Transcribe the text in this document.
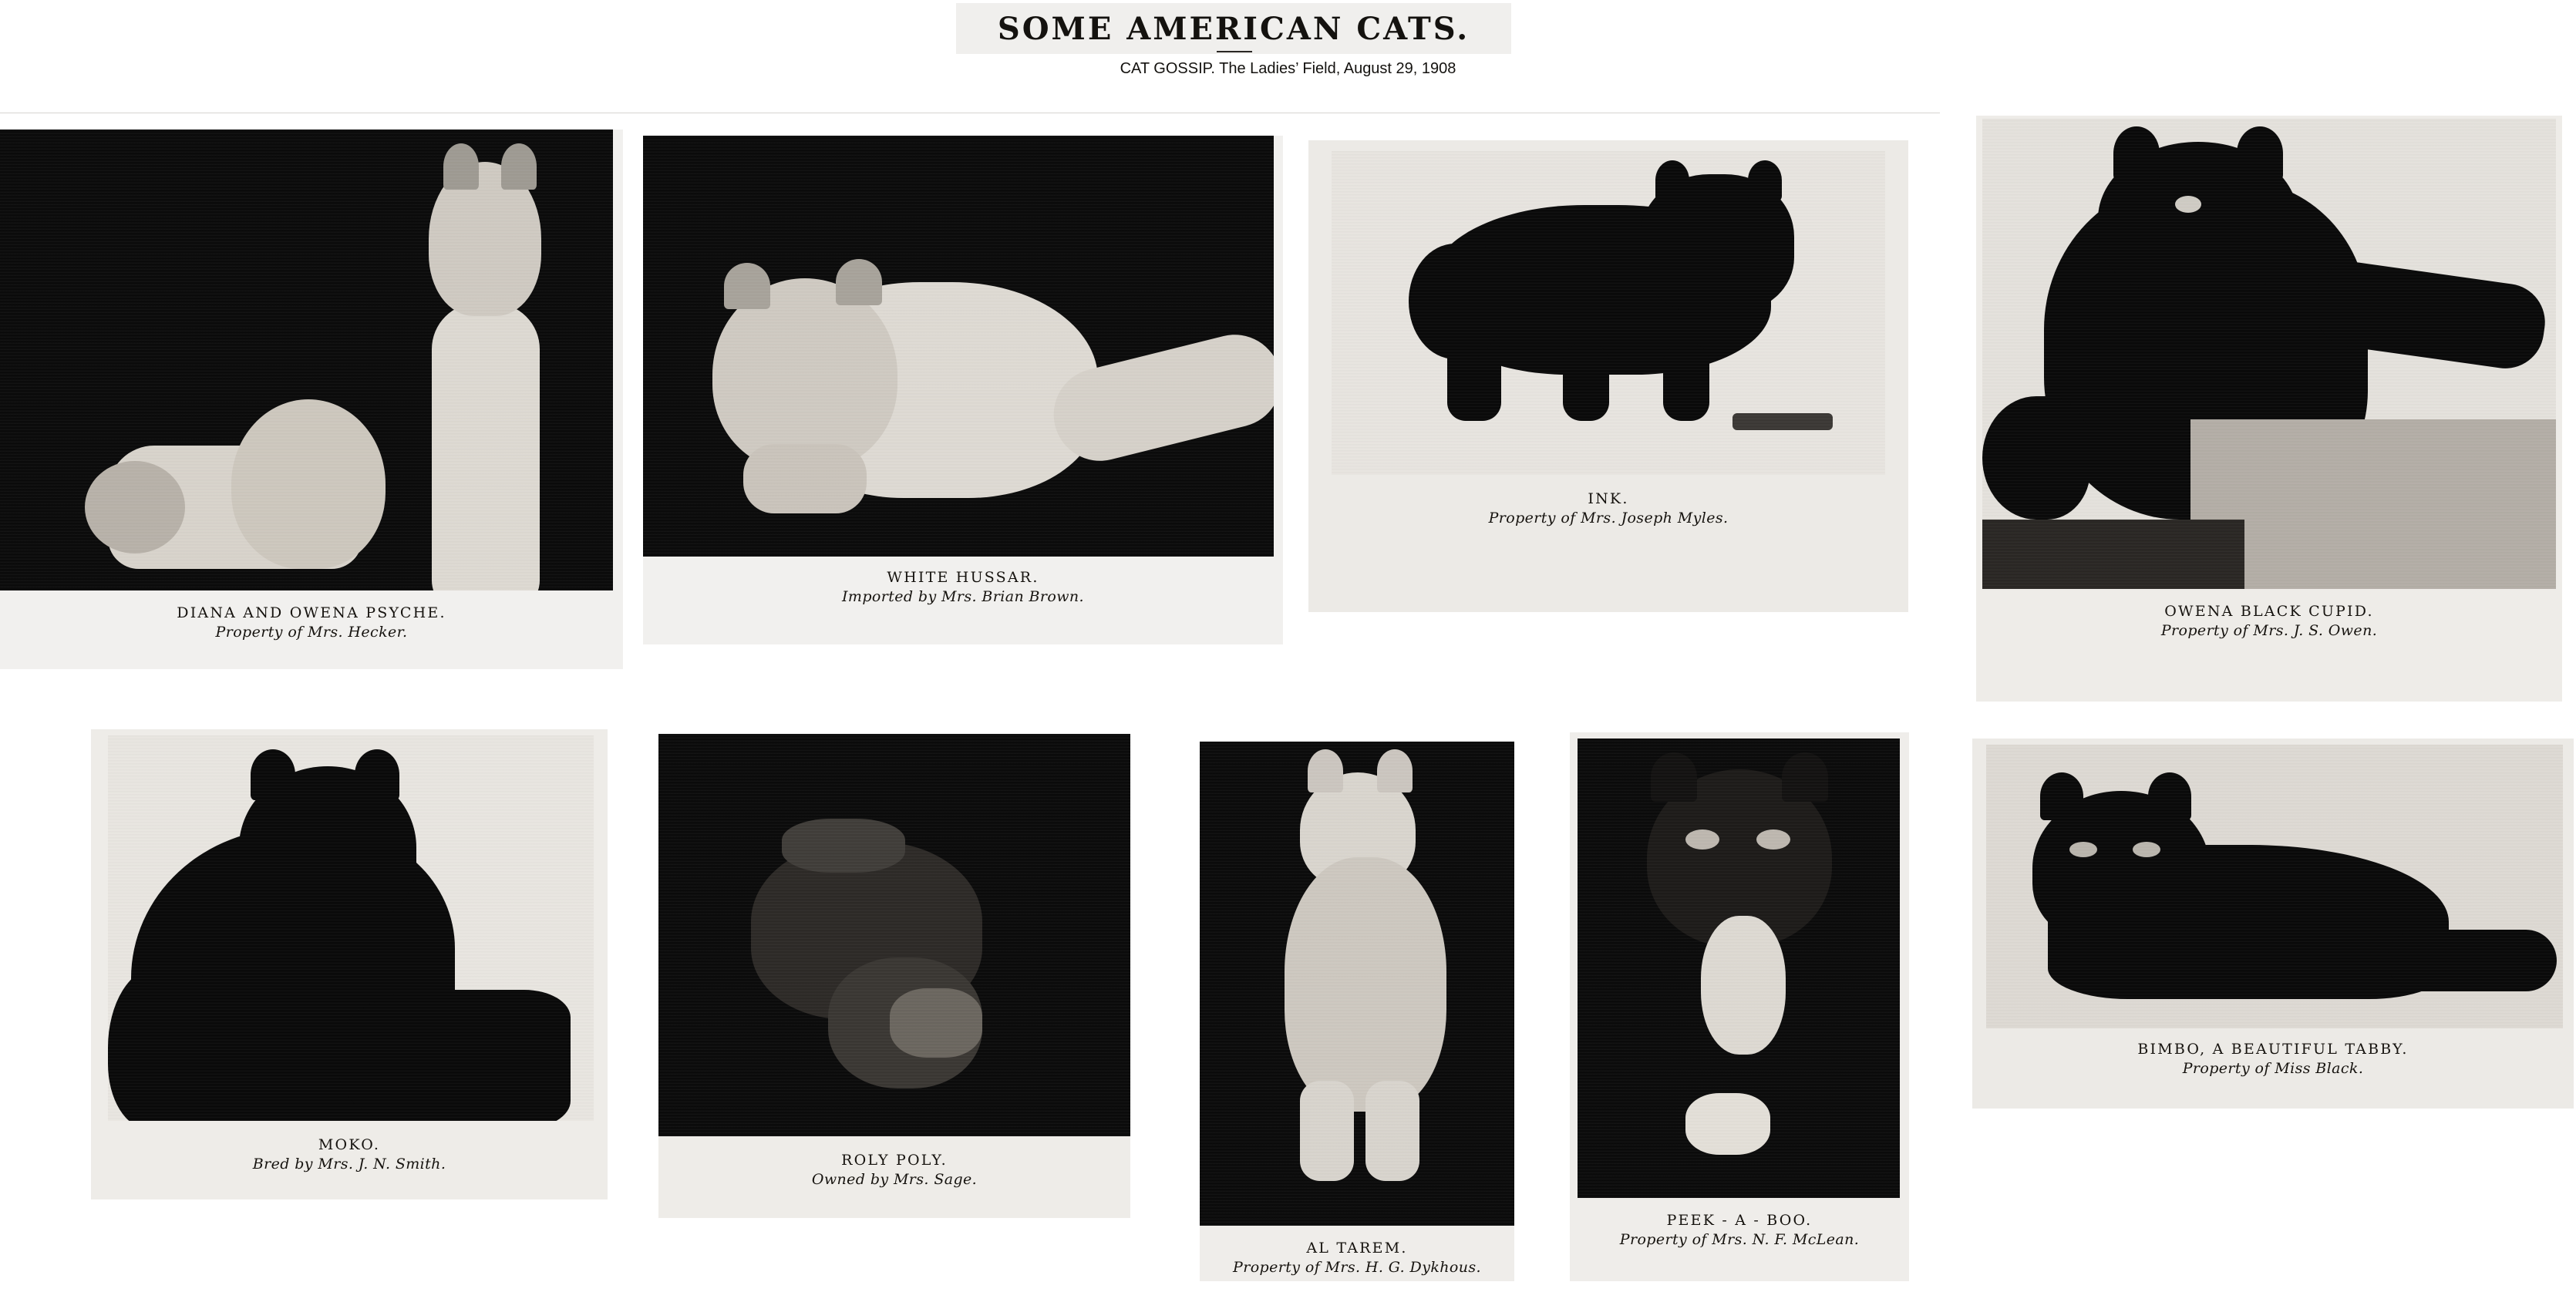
SOME AMERICAN CATS.
CAT GOSSIP. The Ladies’ Field, August 29, 1908
DIANA AND OWENA PSYCHE.
Property of Mrs. Hecker.
WHITE HUSSAR.
Imported by Mrs. Brian Brown.
INK.
Property of Mrs. Joseph Myles.
OWENA BLACK CUPID.
Property of Mrs. J. S. Owen.
MOKO.
Bred by Mrs. J. N. Smith.	ROLY POLY.
Owned by Mrs. Sage.
AL TAREM.
Property of Mrs. H. G. Dykhous.
PEEK - A - BOO.
Property of Mrs. N. F. McLean.
BIMBO, A BEAUTIFUL TABBY.
Property of Miss Black.
